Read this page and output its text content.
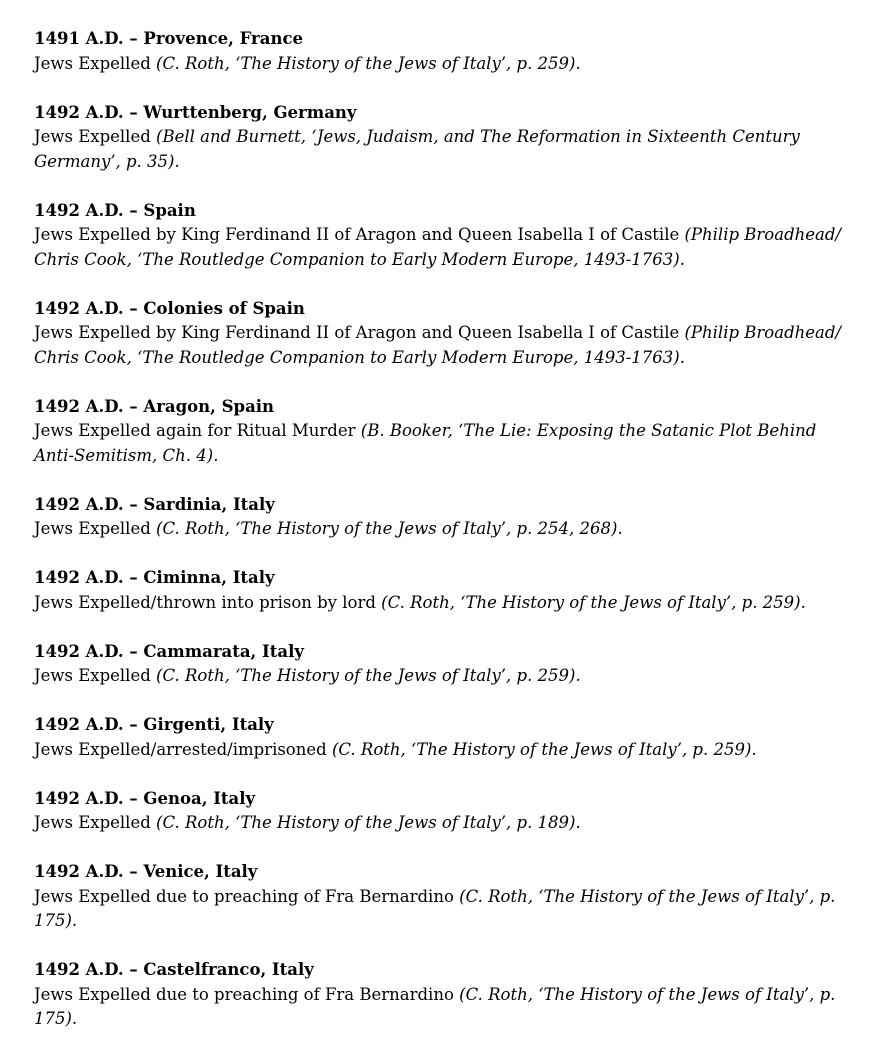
1491 A.D. – Provence, France
Jews Expelled (C. Roth, ‘The History of the Jews of Italy’, p. 259).
1492 A.D. – Wurttenberg, Germany
Jews Expelled (Bell and Burnett, ‘Jews, Judaism, and The Reformation in Sixteenth Century Germany’, p. 35).
1492 A.D. – Spain
Jews Expelled by King Ferdinand II of Aragon and Queen Isabella I of Castile (Philip Broadhead/ Chris Cook, ‘The Routledge Companion to Early Modern Europe, 1493-1763).
1492 A.D. – Colonies of Spain
Jews Expelled by King Ferdinand II of Aragon and Queen Isabella I of Castile (Philip Broadhead/ Chris Cook, ‘The Routledge Companion to Early Modern Europe, 1493-1763).
1492 A.D. – Aragon, Spain
Jews Expelled again for Ritual Murder (B. Booker, ‘The Lie: Exposing the Satanic Plot Behind Anti-Semitism, Ch. 4).
1492 A.D. – Sardinia, Italy
Jews Expelled (C. Roth, ‘The History of the Jews of Italy’, p. 254, 268).
1492 A.D. – Ciminna, Italy
Jews Expelled/thrown into prison by lord (C. Roth, ‘The History of the Jews of Italy’, p. 259).
1492 A.D. – Cammarata, Italy
Jews Expelled (C. Roth, ‘The History of the Jews of Italy’, p. 259).
1492 A.D. – Girgenti, Italy
Jews Expelled/arrested/imprisoned (C. Roth, ‘The History of the Jews of Italy’, p. 259).
1492 A.D. – Genoa, Italy
Jews Expelled (C. Roth, ‘The History of the Jews of Italy’, p. 189).
1492 A.D. – Venice, Italy
Jews Expelled due to preaching of Fra Bernardino (C. Roth, ‘The History of the Jews of Italy’, p. 175).
1492 A.D. – Castelfranco, Italy
Jews Expelled due to preaching of Fra Bernardino (C. Roth, ‘The History of the Jews of Italy’, p. 175).
